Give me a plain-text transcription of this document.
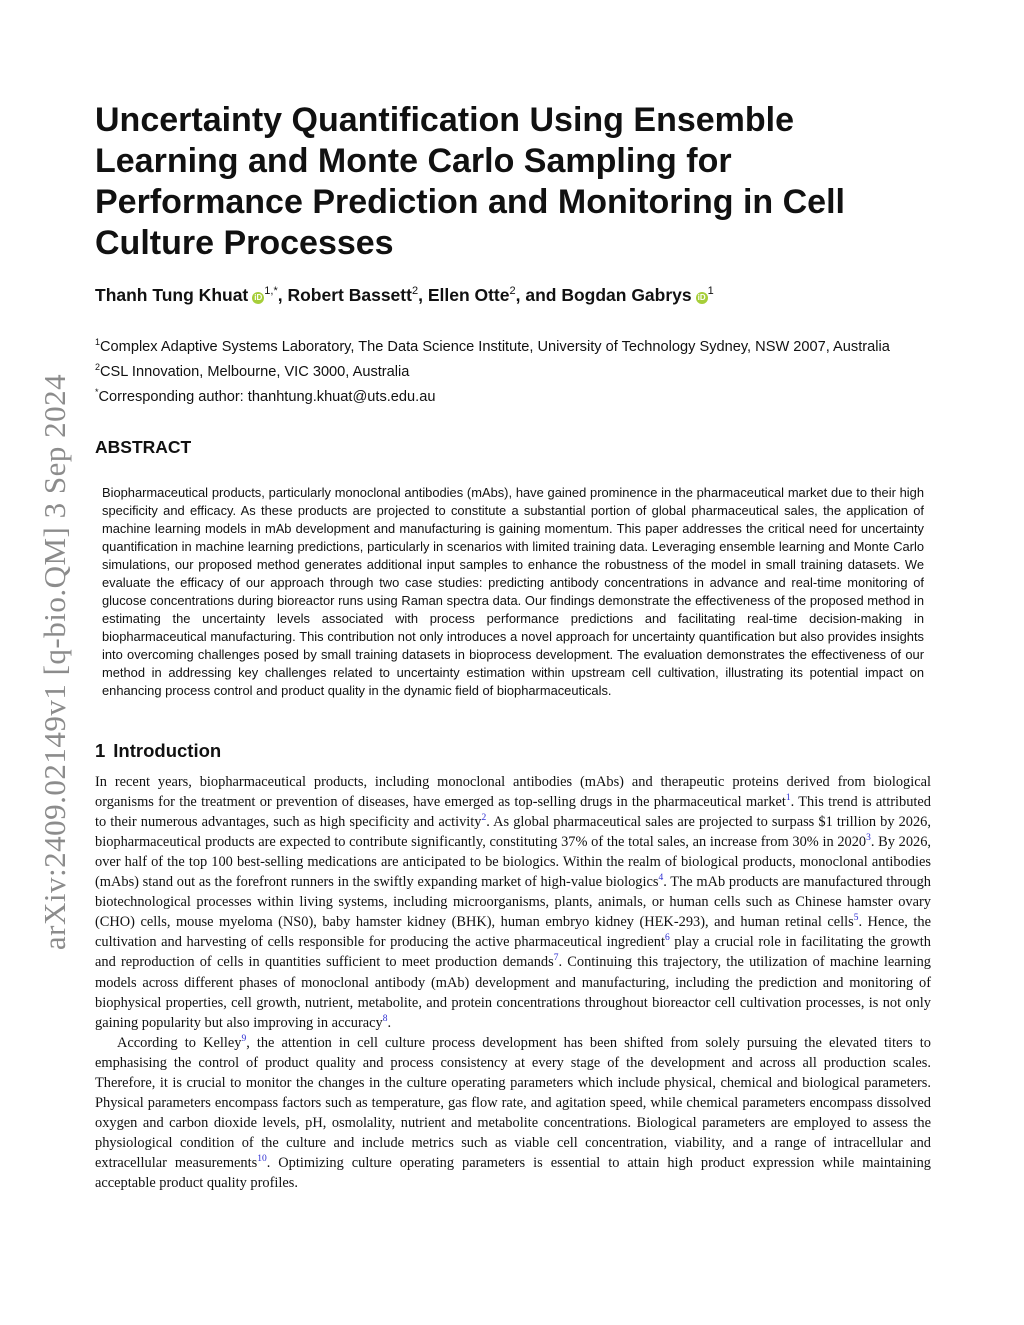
arXiv:2409.02149v1 [q-bio.QM] 3 Sep 2024
Uncertainty Quantification Using Ensemble Learning and Monte Carlo Sampling for Performance Prediction and Monitoring in Cell Culture Processes
Thanh Tung Khuat $iD^{1,*}$, Robert Bassett$^2$, Ellen Otte$^2$, and Bogdan Gabrys $iD^1$
$^1$Complex Adaptive Systems Laboratory, The Data Science Institute, University of Technology Sydney, NSW 2007, Australia
$^2$CSL Innovation, Melbourne, VIC 3000, Australia
*Corresponding author: thanhtung.khuat@uts.edu.au
ABSTRACT

Biopharmaceutical products, particularly monoclonal antibodies (mAbs), have gained prominence in the pharmaceutical market due to their high specificity and efficacy. As these products are projected to constitute a substantial portion of global pharmaceutical sales, the application of machine learning models in mAb development and manufacturing is gaining momentum. This paper addresses the critical need for uncertainty quantification in machine learning predictions, particularly in scenarios with limited training data. Leveraging ensemble learning and Monte Carlo simulations, our proposed method generates additional input samples to enhance the robustness of the model in small training datasets. We evaluate the efficacy of our approach through two case studies: predicting antibody concentrations in advance and real-time monitoring of glucose concentrations during bioreactor runs using Raman spectra data. Our findings demonstrate the effectiveness of the proposed method in estimating the uncertainty levels associated with process performance predictions and facilitating real-time decision-making in biopharmaceutical manufacturing. This contribution not only introduces a novel approach for uncertainty quantification but also provides insights into overcoming challenges posed by small training datasets in bioprocess development. The evaluation demonstrates the effectiveness of our method in addressing key challenges related to uncertainty estimation within upstream cell cultivation, illustrating its potential impact on enhancing process control and product quality in the dynamic field of biopharmaceuticals.

1 Introduction

In recent years, biopharmaceutical products, including monoclonal antibodies (mAbs) and therapeutic proteins derived from biological organisms for the treatment or prevention of diseases, have emerged as top-selling drugs in the pharmaceutical market$^1$. This trend is attributed to their numerous advantages, such as high specificity and activity$^2$. As global pharmaceutical sales are projected to surpass $1 trillion by 2026, biopharmaceutical products are expected to contribute significantly, constituting 37% of the total sales, an increase from 30% in 2020$^3$. By 2026, over half of the top 100 best-selling medications are anticipated to be biologics. Within the realm of biological products, monoclonal antibodies (mAbs) stand out as the forefront runners in the swiftly expanding market of high-value biologics$^4$. The mAb products are manufactured through biotechnological processes within living systems, including microorganisms, plants, animals, or human cells such as Chinese hamster ovary (CHO) cells, mouse myeloma (NS0), baby hamster kidney (BHK), human embryo kidney (HEK-293), and human retinal cells$^5$. Hence, the cultivation and harvesting of cells responsible for producing the active pharmaceutical ingredient$^6$ play a crucial role in facilitating the growth and reproduction of cells in quantities sufficient to meet production demands$^7$. Continuing this trajectory, the utilization of machine learning models across different phases of monoclonal antibody (mAb) development and manufacturing, including the prediction and monitoring of biophysical properties, cell growth, nutrient, metabolite, and protein concentrations throughout bioreactor cell cultivation processes, is not only gaining popularity but also improving in accuracy$^8$.

According to Kelley$^9$, the attention in cell culture process development has been shifted from solely pursuing the elevated titers to emphasising the control of product quality and process consistency at every stage of the development and across all production scales. Therefore, it is crucial to monitor the changes in the culture operating parameters which include physical, chemical and biological parameters. Physical parameters encompass factors such as temperature, gas flow rate, and agitation speed, while chemical parameters encompass dissolved oxygen and carbon dioxide levels, pH, osmolality, nutrient and metabolite concentrations. Biological parameters are employed to assess the physiological condition of the culture and include metrics such as viable cell concentration, viability, and a range of intracellular and extracellular measurements$^{10}$. Optimizing culture operating parameters is essential to attain high product expression while maintaining acceptable product quality profiles.
